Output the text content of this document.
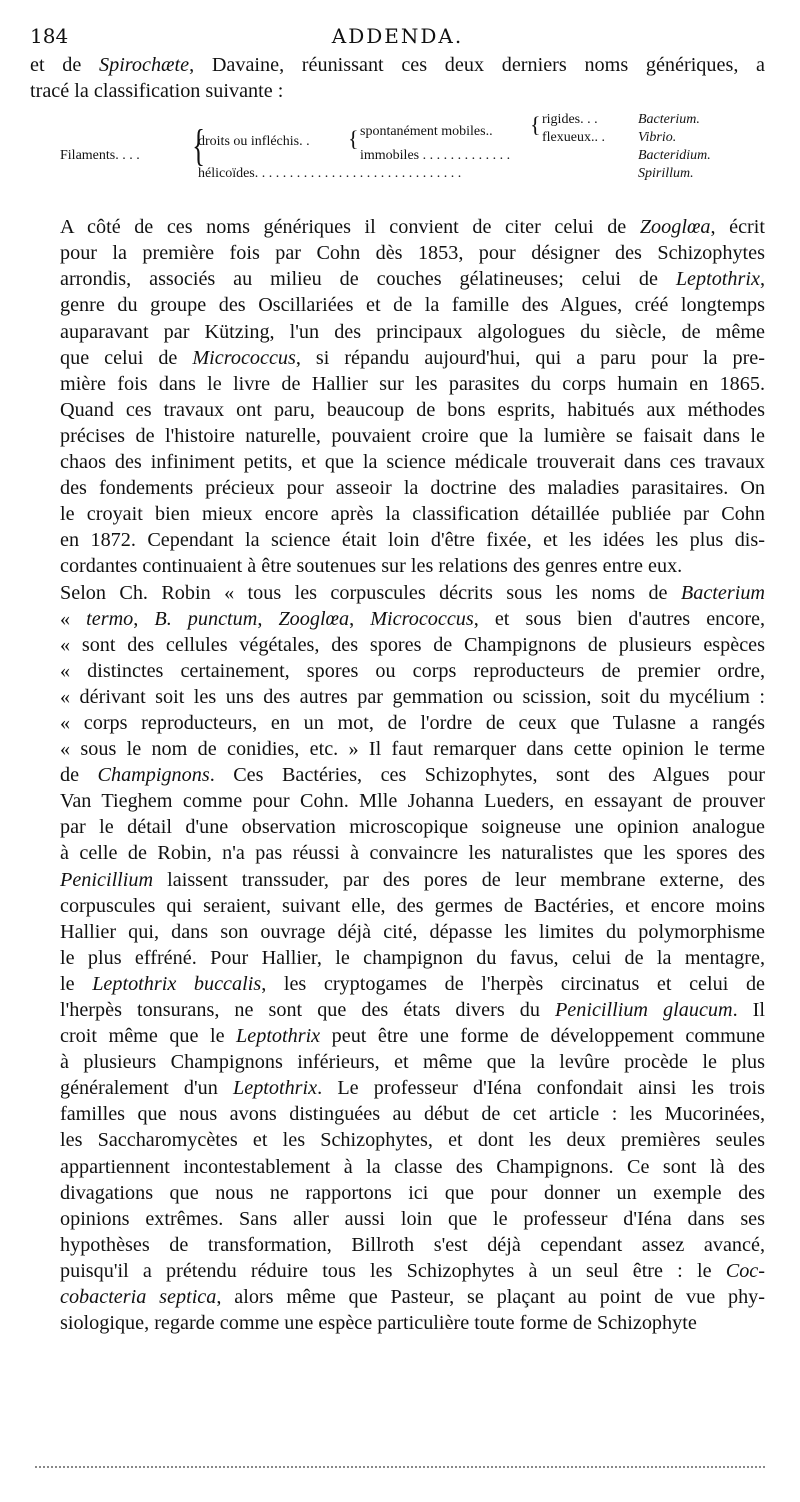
184	ADDENDA.
et de Spirochæte, Davaine, réunissant ces deux derniers noms génériques, a
tracé la classification suivante :
Filaments. . . . {
droits ou infléchis. . { spontanément mobiles.. { rigides. . .	Bacterium.
flexueux.. . Vibrio.
immobiles . . . . . . . . . . . . .	Bacteridium.
hélicoïdes. . . . . . . . . . . . . . . . . . . . . . . . . . . . . .	Spirillum.
A côté de ces noms génériques il convient de citer celui de Zooglœa, écrit
pour la première fois par Cohn dès 1853, pour désigner des Schizophytes
arrondis, associés au milieu de couches gélatineuses; celui de Leptothrix,
genre du groupe des Oscillariées et de la famille des Algues, créé longtemps
auparavant par Kützing, l'un des principaux algologues du siècle, de même
que celui de Micrococcus, si répandu aujourd'hui, qui a paru pour la pre-
mière fois dans le livre de Hallier sur les parasites du corps humain en 1865.
Quand ces travaux ont paru, beaucoup de bons esprits, habitués aux méthodes
précises de l'histoire naturelle, pouvaient croire que la lumière se faisait dans le
chaos des infiniment petits, et que la science médicale trouverait dans ces travaux
des fondements précieux pour asseoir la doctrine des maladies parasitaires. On
le croyait bien mieux encore après la classification détaillée publiée par Cohn
en 1872. Cependant la science était loin d'être fixée, et les idées les plus dis-
cordantes continuaient à être soutenues sur les relations des genres entre eux.
Selon Ch. Robin « tous les corpuscules décrits sous les noms de Bacterium
« termo, B. punctum, Zooglœa, Micrococcus, et sous bien d'autres encore,
« sont des cellules végétales, des spores de Champignons de plusieurs espèces
« distinctes certainement, spores ou corps reproducteurs de premier ordre,
« dérivant soit les uns des autres par gemmation ou scission, soit du mycélium :
« corps reproducteurs, en un mot, de l'ordre de ceux que Tulasne a rangés
« sous le nom de conidies, etc. » Il faut remarquer dans cette opinion le terme
de Champignons. Ces Bactéries, ces Schizophytes, sont des Algues pour
Van Tieghem comme pour Cohn. Mlle Johanna Lueders, en essayant de prouver
par le détail d'une observation microscopique soigneuse une opinion analogue
à celle de Robin, n'a pas réussi à convaincre les naturalistes que les spores des
Penicillium laissent transsuder, par des pores de leur membrane externe, des
corpuscules qui seraient, suivant elle, des germes de Bactéries, et encore moins
Hallier qui, dans son ouvrage déjà cité, dépasse les limites du polymorphisme
le plus effréné. Pour Hallier, le champignon du favus, celui de la mentagre,
le Leptothrix buccalis, les cryptogames de l'herpès circinatus et celui de
l'herpès tonsurans, ne sont que des états divers du Penicillium glaucum. Il
croit même que le Leptothrix peut être une forme de développement commune
à plusieurs Champignons inférieurs, et même que la levûre procède le plus
généralement d'un Leptothrix. Le professeur d'Iéna confondait ainsi les trois
familles que nous avons distinguées au début de cet article : les Mucorinées,
les Saccharomycètes et les Schizophytes, et dont les deux premières seules
appartiennent incontestablement à la classe des Champignons. Ce sont là des
divagations que nous ne rapportons ici que pour donner un exemple des
opinions extrêmes. Sans aller aussi loin que le professeur d'Iéna dans ses
hypothèses de transformation, Billroth s'est déjà cependant assez avancé,
puisqu'il a prétendu réduire tous les Schizophytes à un seul être : le Coc-
cobacteria septica, alors même que Pasteur, se plaçant au point de vue phy-
siologique, regarde comme une espèce particulière toute forme de Schizophyte
